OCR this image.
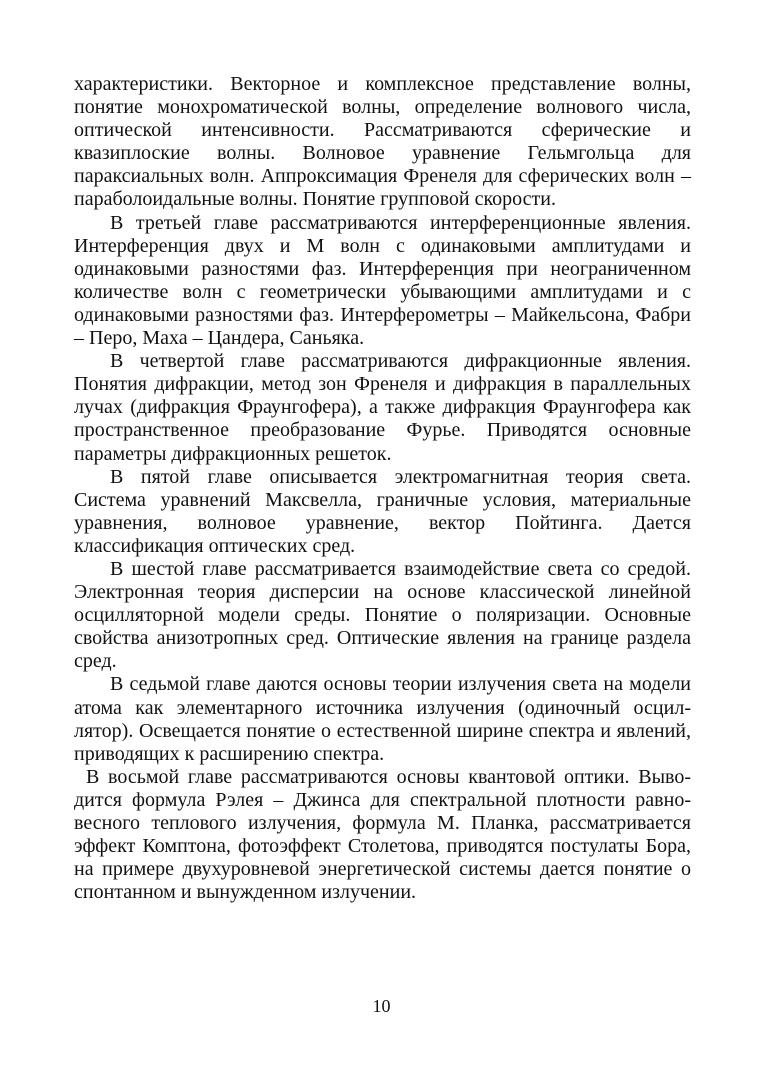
характеристики. Векторное и комплексное представление волны, понятие монохроматической волны, определение волнового числа, оптической интенсивности. Рассматриваются сферические и квазиплоские волны. Волновое уравнение Гельмгольца для параксиальных волн. Аппроксимация Френеля для сферических волн – параболоидальные волны. Понятие групповой скорости.

В третьей главе рассматриваются интерференционные явления. Интерференция двух и М волн с одинаковыми амплитудами и одинаковыми разностями фаз. Интерференция при неограниченном количестве волн с геометрически убывающими амплитудами и с одинаковыми разностями фаз. Интерферометры – Майкельсона, Фабри – Перо, Маха – Цандера, Саньяка.

В четвертой главе рассматриваются дифракционные явления. Понятия дифракции, метод зон Френеля и дифракция в параллельных лучах (дифракция Фраунгофера), а также дифракция Фраунгофера как пространственное преобразование Фурье. Приводятся основные параметры дифракционных решеток.

В пятой главе описывается электромагнитная теория света. Система уравнений Максвелла, граничные условия, материальные уравнения, волновое уравнение, вектор Пойтинга. Дается классификация оптических сред.

В шестой главе рассматривается взаимодействие света со средой. Электронная теория дисперсии на основе классической линейной осцилляторной модели среды. Понятие о поляризации. Основные свойства анизотропных сред. Оптические явления на границе раздела сред.

В седьмой главе даются основы теории излучения света на модели атома как элементарного источника излучения (одиночный осциллятор). Освещается понятие о естественной ширине спектра и явлений, приводящих к расширению спектра.

В восьмой главе рассматриваются основы квантовой оптики. Выводится формула Рэлея – Джинса для спектральной плотности равновесного теплового излучения, формула М. Планка, рассматривается эффект Комптона, фотоэффект Столетова, приводятся постулаты Бора, на примере двухуровневой энергетической системы дается понятие о спонтанном и вынужденном излучении.

10
